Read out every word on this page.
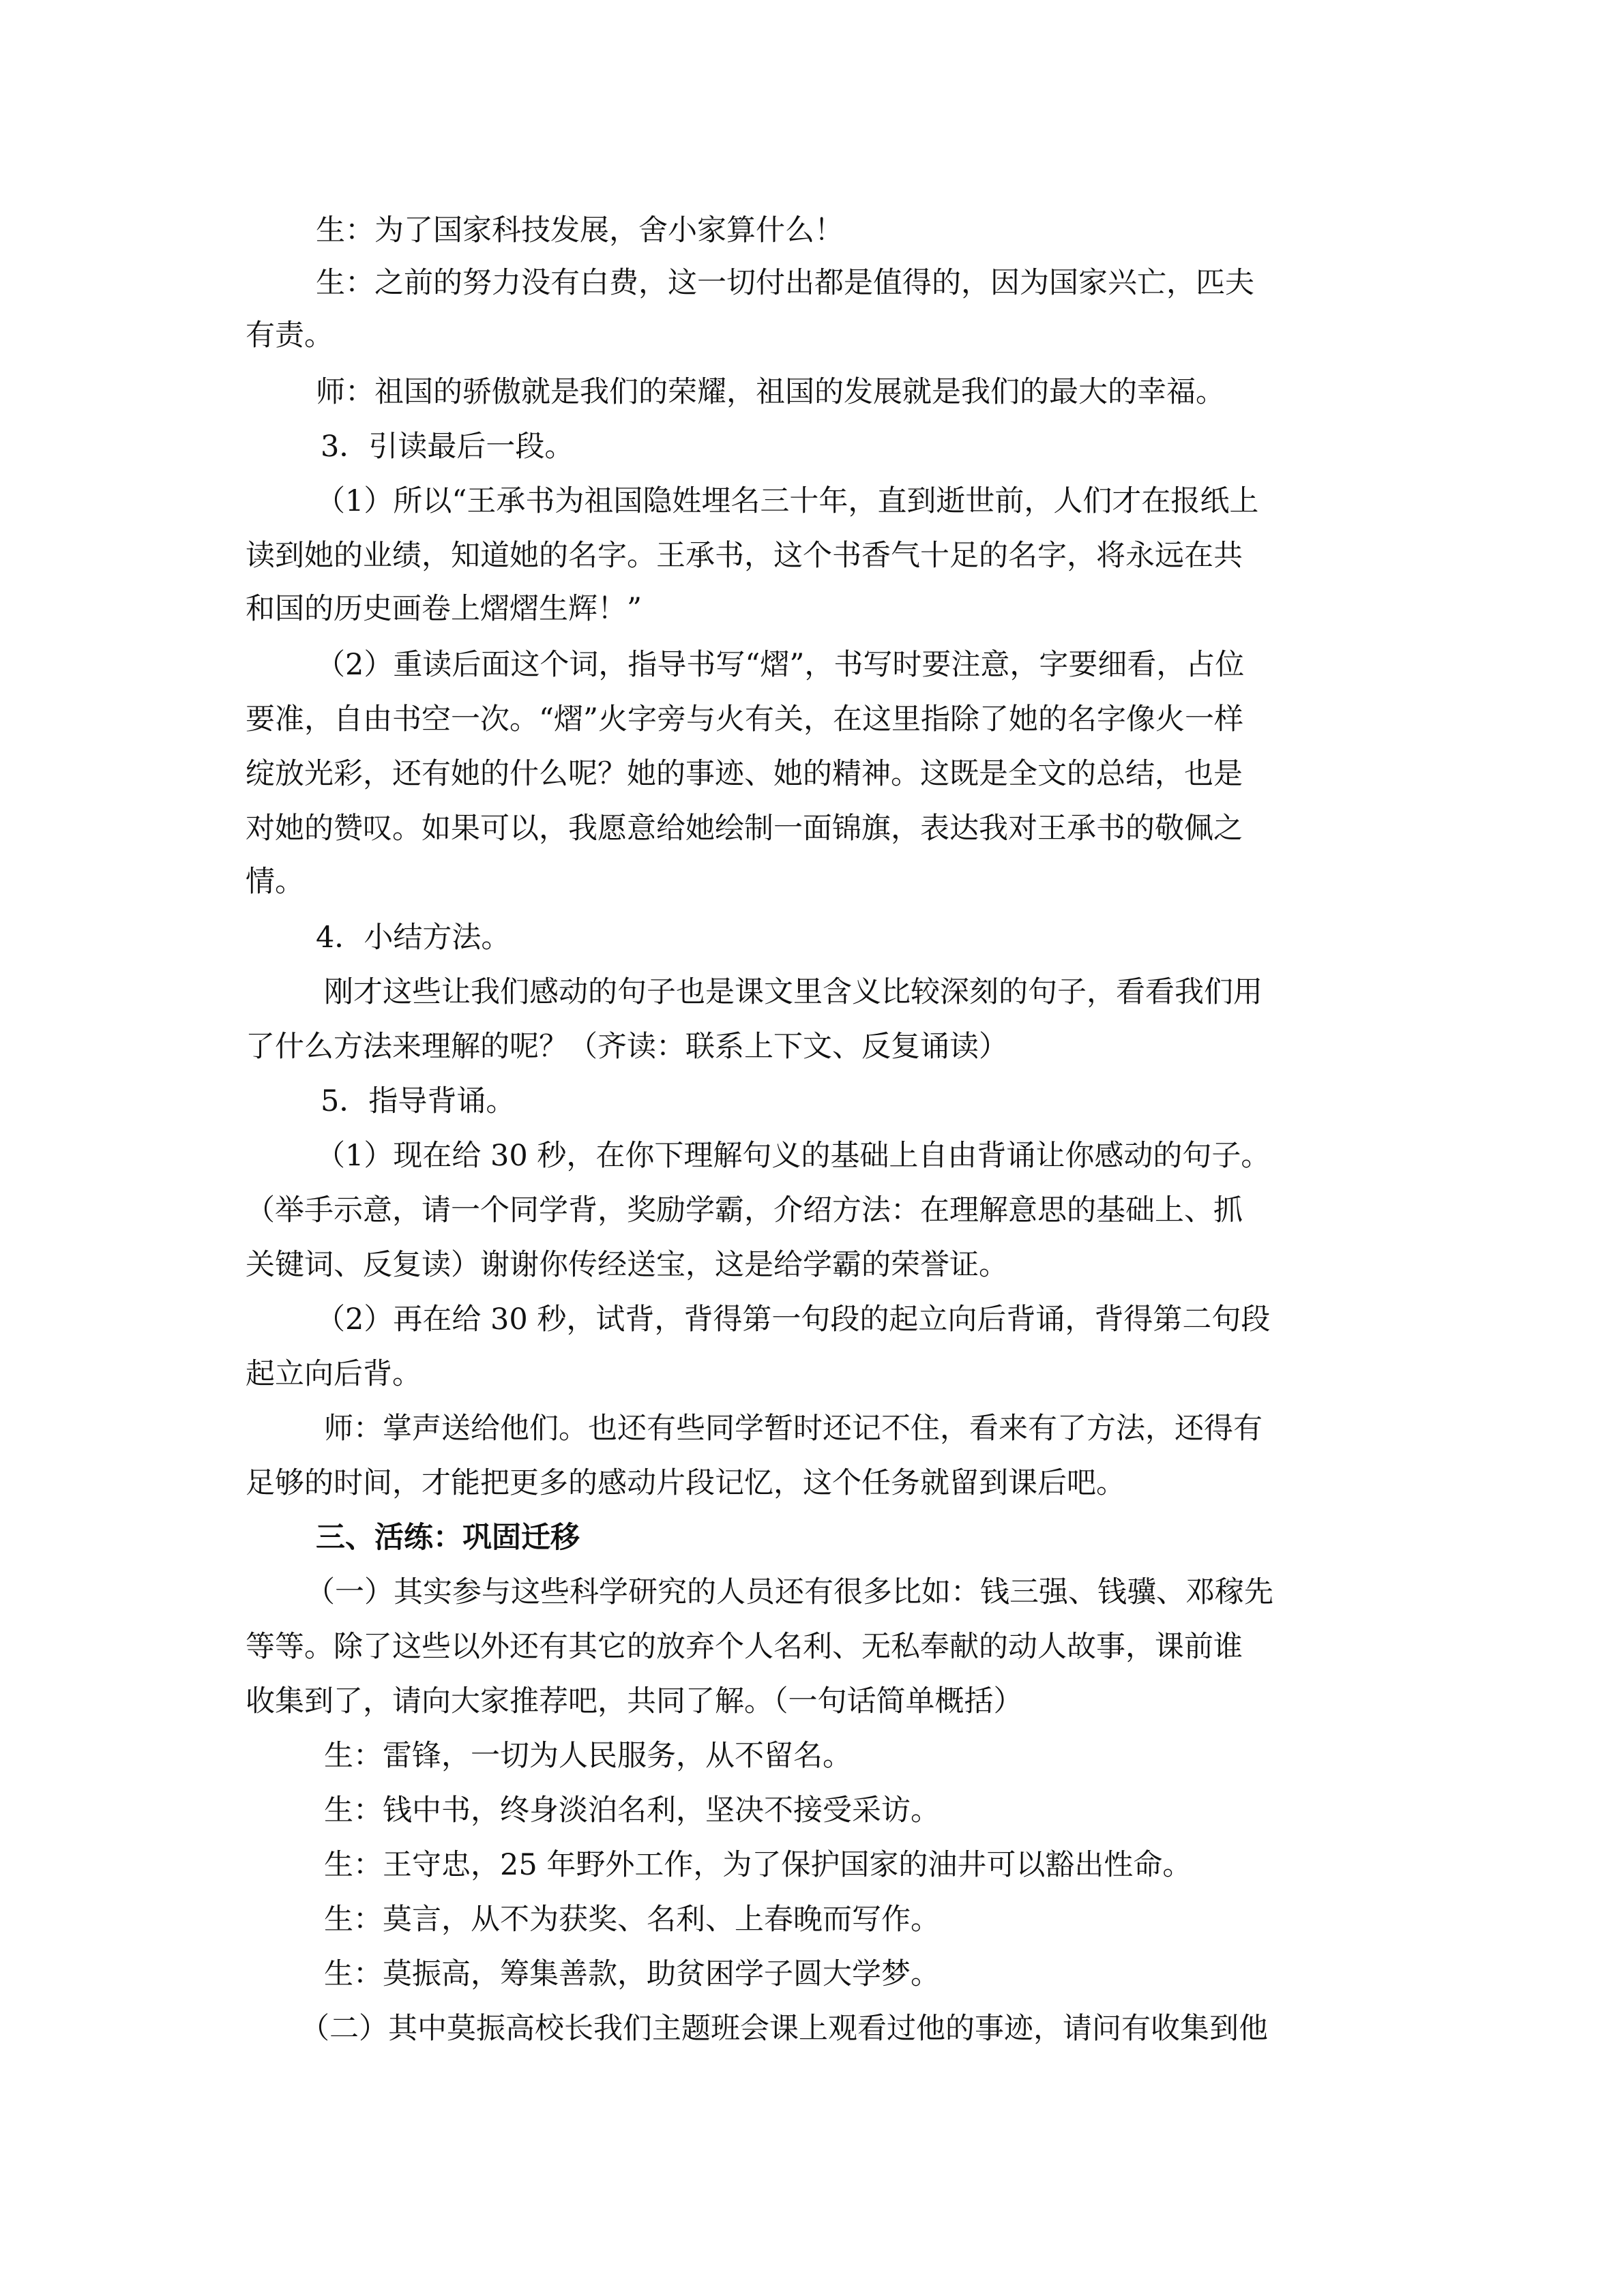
生：为了国家科技发展，舍小家算什么！
生：之前的努力没有白费，这一切付出都是值得的，因为国家兴亡，匹夫
有责。
师：祖国的骄傲就是我们的荣耀，祖国的发展就是我们的最大的幸福。
3．引读最后一段。
（1）所以“王承书为祖国隐姓埋名三十年，直到逝世前，人们才在报纸上
读到她的业绩，知道她的名字。王承书，这个书香气十足的名字，将永远在共
和国的历史画卷上熠熠生辉！”
（2）重读后面这个词，指导书写“熠”，书写时要注意，字要细看，占位
要准，自由书空一次。“熠”火字旁与火有关，在这里指除了她的名字像火一样
绽放光彩，还有她的什么呢？她的事迹、她的精神。这既是全文的总结，也是
对她的赞叹。如果可以，我愿意给她绘制一面锦旗，表达我对王承书的敬佩之
情。
4．小结方法。
刚才这些让我们感动的句子也是课文里含义比较深刻的句子，看看我们用
了什么方法来理解的呢？（齐读：联系上下文、反复诵读）
5．指导背诵。
（1）现在给 30 秒，在你下理解句义的基础上自由背诵让你感动的句子。
（举手示意，请一个同学背，奖励学霸，介绍方法：在理解意思的基础上、抓
关键词、反复读）谢谢你传经送宝，这是给学霸的荣誉证。
（2）再在给 30 秒，试背，背得第一句段的起立向后背诵，背得第二句段
起立向后背。
师：掌声送给他们。也还有些同学暂时还记不住，看来有了方法，还得有
足够的时间，才能把更多的感动片段记忆，这个任务就留到课后吧。
三、活练：巩固迁移
（一）其实参与这些科学研究的人员还有很多比如：钱三强、钱骥、邓稼先
等等。除了这些以外还有其它的放弃个人名利、无私奉献的动人故事，课前谁
收集到了，请向大家推荐吧，共同了解。（一句话简单概括）
生：雷锋，一切为人民服务，从不留名。
生：钱中书，终身淡泊名利，坚决不接受采访。
生：王守忠，25 年野外工作，为了保护国家的油井可以豁出性命。
生：莫言，从不为获奖、名利、上春晚而写作。
生：莫振高，筹集善款，助贫困学子圆大学梦。
（二）其中莫振高校长我们主题班会课上观看过他的事迹，请问有收集到他
